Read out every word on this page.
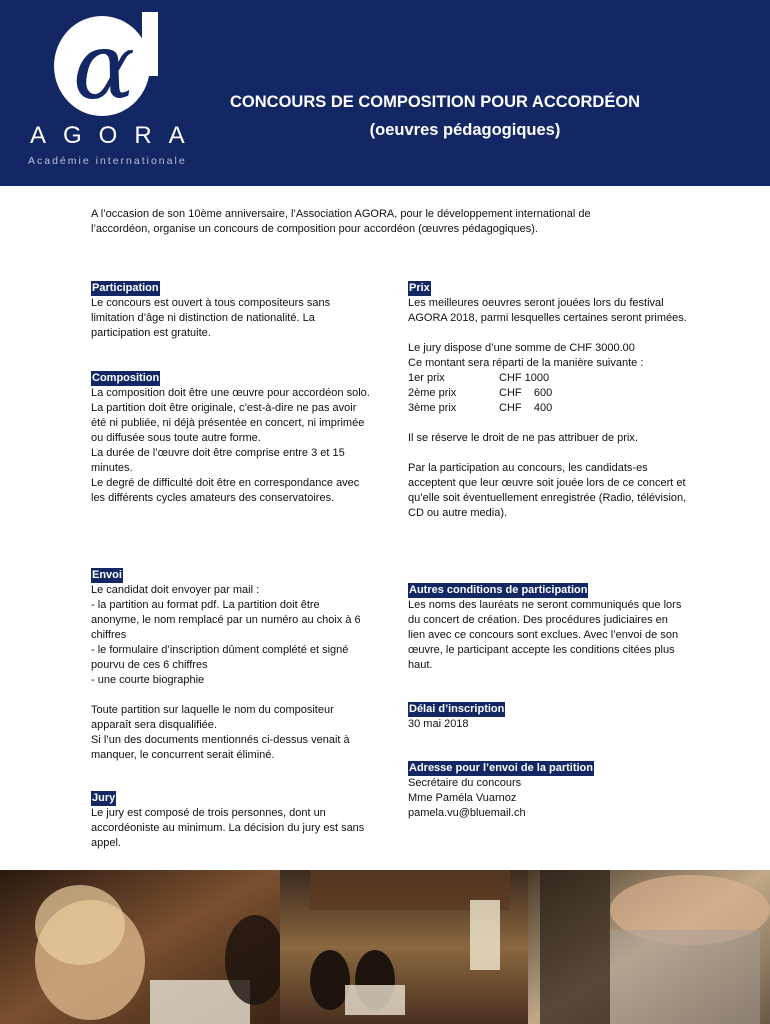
α
AGORA
Académie internationale
CONCOURS DE COMPOSITION POUR ACCORDÉON
(oeuvres pédagogiques)
A l’occasion de son 10ème anniversaire, l’Association AGORA, pour le développement international de l’accordéon, organise un concours de composition pour accordéon (œuvres pédagogiques).
Participation

Le concours est ouvert à tous compositeurs sans limitation d’âge ni distinction de nationalité. La participation est gratuite.

Composition

La composition doit être une œuvre pour accordéon solo.

La partition doit être originale, c’est-à-dire ne pas avoir été ni publiée, ni déjà présentée en concert, ni imprimée ou diffusée sous toute autre forme.

La durée de l’œuvre doit être comprise entre 3 et 15 minutes.

Le degré de difficulté doit être en correspondance avec les différents cycles amateurs des conservatoires.

Envoi

Le candidat doit envoyer par mail :

- la partition au format pdf. La partition doit être anonyme, le nom remplacé par un numéro au choix à 6 chiffres

- le formulaire d’inscription dûment complété et signé pourvu de ces 6 chiffres

- une courte biographie

Toute partition sur laquelle le nom du compositeur apparaît sera disqualifiée.

Si l’un des documents mentionnés ci-dessus venait à manquer, le concurrent serait éliminé.

Jury

Le jury est composé de trois personnes, dont un accordéoniste au minimum. La décision du jury est sans appel.

Prix

Les meilleures oeuvres seront jouées lors du festival AGORA 2018, parmi lesquelles certaines seront primées.

Le jury dispose d’une somme de CHF 3000.00

Ce montant sera réparti de la manière suivante :

1er prix	CHF 1000
2ème prix	CHF    600
3ème prix	CHF    400

Il se réserve le droit de ne pas attribuer de prix.

Par la participation au concours, les candidats-es acceptent que leur œuvre soit jouée lors de ce concert et qu’elle soit éventuellement enregistrée (Radio, télévision, CD ou autre media).

Autres conditions de participation

Les noms des lauréats ne seront communiqués que lors du concert de création. Des procédures judiciaires en lien avec ce concours sont exclues. Avec l’envoi de son œuvre, le participant accepte les conditions citées plus haut.

Délai d’inscription

30 mai 2018

Adresse pour l’envoi de la partition

Secrétaire du concours

Mme Paméla Vuarnoz

pamela.vu@bluemail.ch
